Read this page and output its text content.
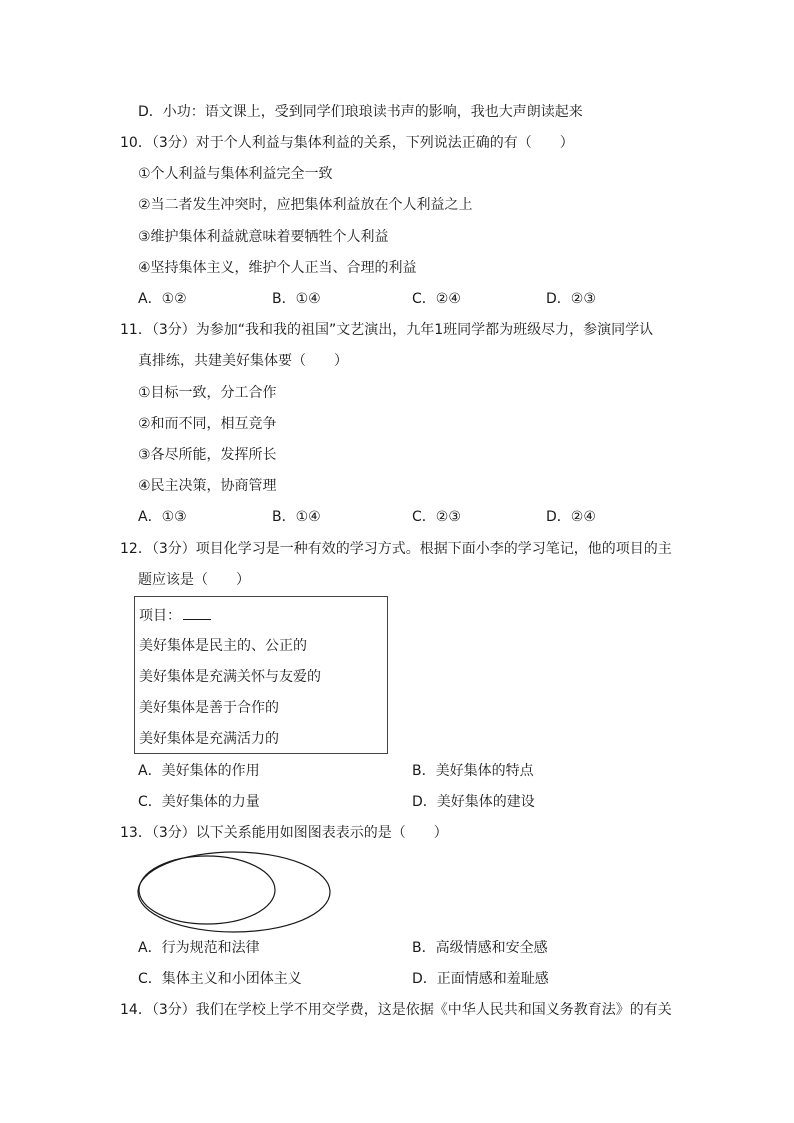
D．小功：语文课上，受到同学们琅琅读书声的影响，我也大声朗读起来
10．（3分）对于个人利益与集体利益的关系，下列说法正确的有（　　）
①个人利益与集体利益完全一致
②当二者发生冲突时，应把集体利益放在个人利益之上
③维护集体利益就意味着要牺牲个人利益
④坚持集体主义，维护个人正当、合理的利益
A．①②	B．①④	C．②④	D．②③
11．（3分）为参加“我和我的祖国”文艺演出，九年1班同学都为班级尽力，参演同学认
真排练，共建美好集体要（　　）
①目标一致，分工合作
②和而不同，相互竞争
③各尽所能，发挥所长
④民主决策，协商管理
A．①③	B．①④	C．②③	D．②④
12．（3分）项目化学习是一种有效的学习方式。根据下面小李的学习笔记，他的项目的主
题应该是（　　）
项目：
美好集体是民主的、公正的
美好集体是充满关怀与友爱的
美好集体是善于合作的
美好集体是充满活力的
A．美好集体的作用	B．美好集体的特点
C．美好集体的力量	D．美好集体的建设
13．（3分）以下关系能用如图图表表示的是（　　）
A．行为规范和法律	B．高级情感和安全感
C．集体主义和小团体主义	D．正面情感和羞耻感
14．（3分）我们在学校上学不用交学费，这是依据《中华人民共和国义务教育法》的有关
